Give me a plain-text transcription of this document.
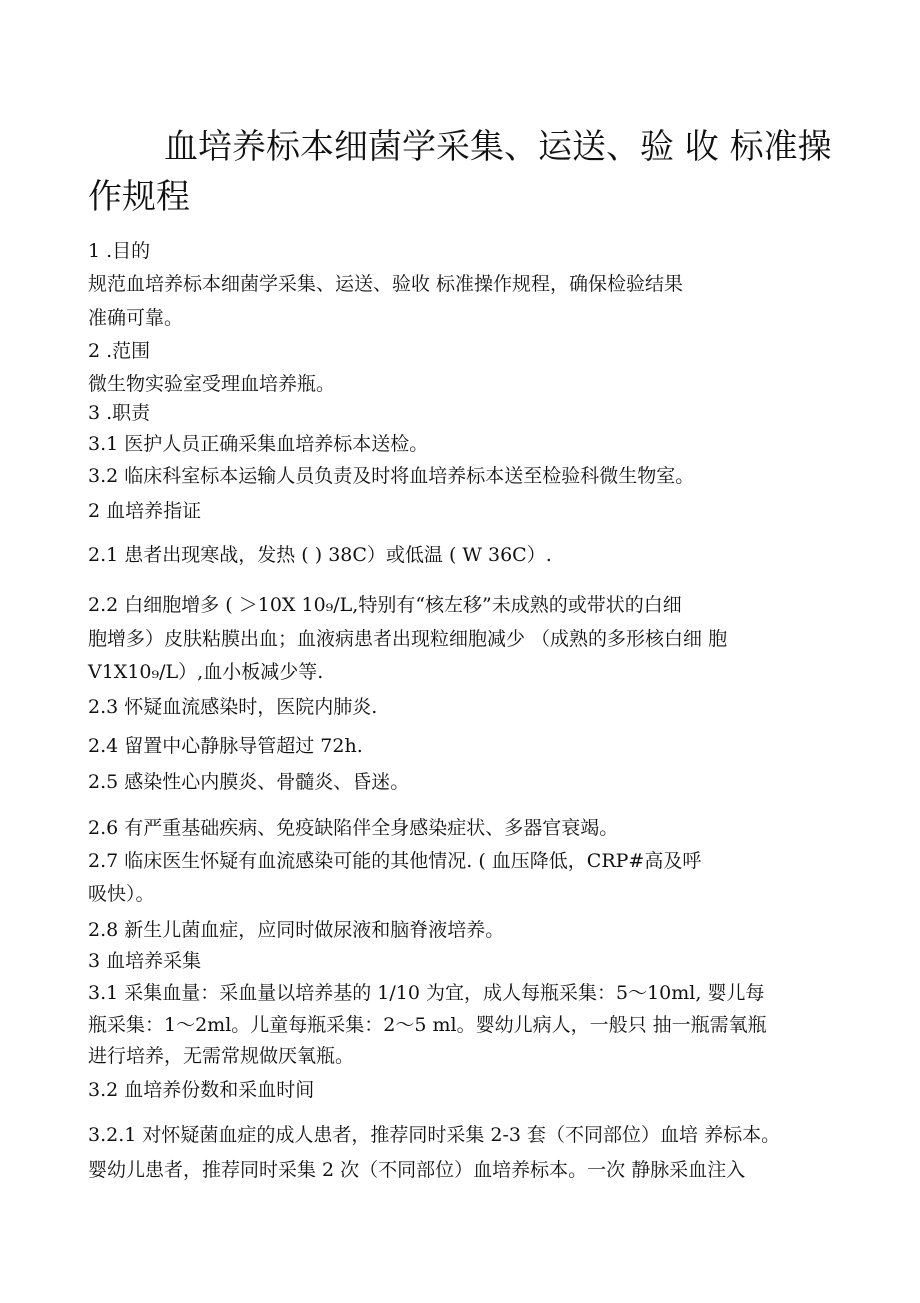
血培养标本细菌学采集、运送、验 收 标准操
作规程
1 .目的
规范血培养标本细菌学采集、运送、验收 标准操作规程，确保检验结果
准确可靠。
2 .范围
微生物实验室受理血培养瓶。
3 .职责
3.1 医护人员正确采集血培养标本送检。
3.2 临床科室标本运输人员负责及时将血培养标本送至检验科微生物室。
2 血培养指证
2.1 患者出现寒战，发热 ( ) 38C）或低温 ( W 36C）.
2.2 白细胞增多 ( ＞10X 10₉/L,特别有“核左移”未成熟的或带状的白细
胞增多）皮肤粘膜出血；血液病患者出现粒细胞减少 （成熟的多形核白细 胞
V1X10₉/L）,血小板减少等.
2.3 怀疑血流感染时，医院内肺炎.
2.4 留置中心静脉导管超过 72h.
2.5 感染性心内膜炎、骨髓炎、昏迷。
2.6 有严重基础疾病、免疫缺陷伴全身感染症状、多器官衰竭。
2.7 临床医生怀疑有血流感染可能的其他情况. ( 血压降低，CRP#高及呼
吸快）。
2.8 新生儿菌血症，应同时做尿液和脑脊液培养。
3 血培养采集
3.1 采集血量：采血量以培养基的 1/10 为宜，成人每瓶采集：5〜10ml, 婴儿每
瓶采集：1〜2ml。儿童每瓶采集：2〜5 ml。婴幼儿病人，一般只 抽一瓶需氧瓶
进行培养，无需常规做厌氧瓶。
3.2 血培养份数和采血时间
3.2.1 对怀疑菌血症的成人患者，推荐同时采集 2-3 套（不同部位）血培 养标本。
婴幼儿患者，推荐同时采集 2 次（不同部位）血培养标本。一次 静脉采血注入
